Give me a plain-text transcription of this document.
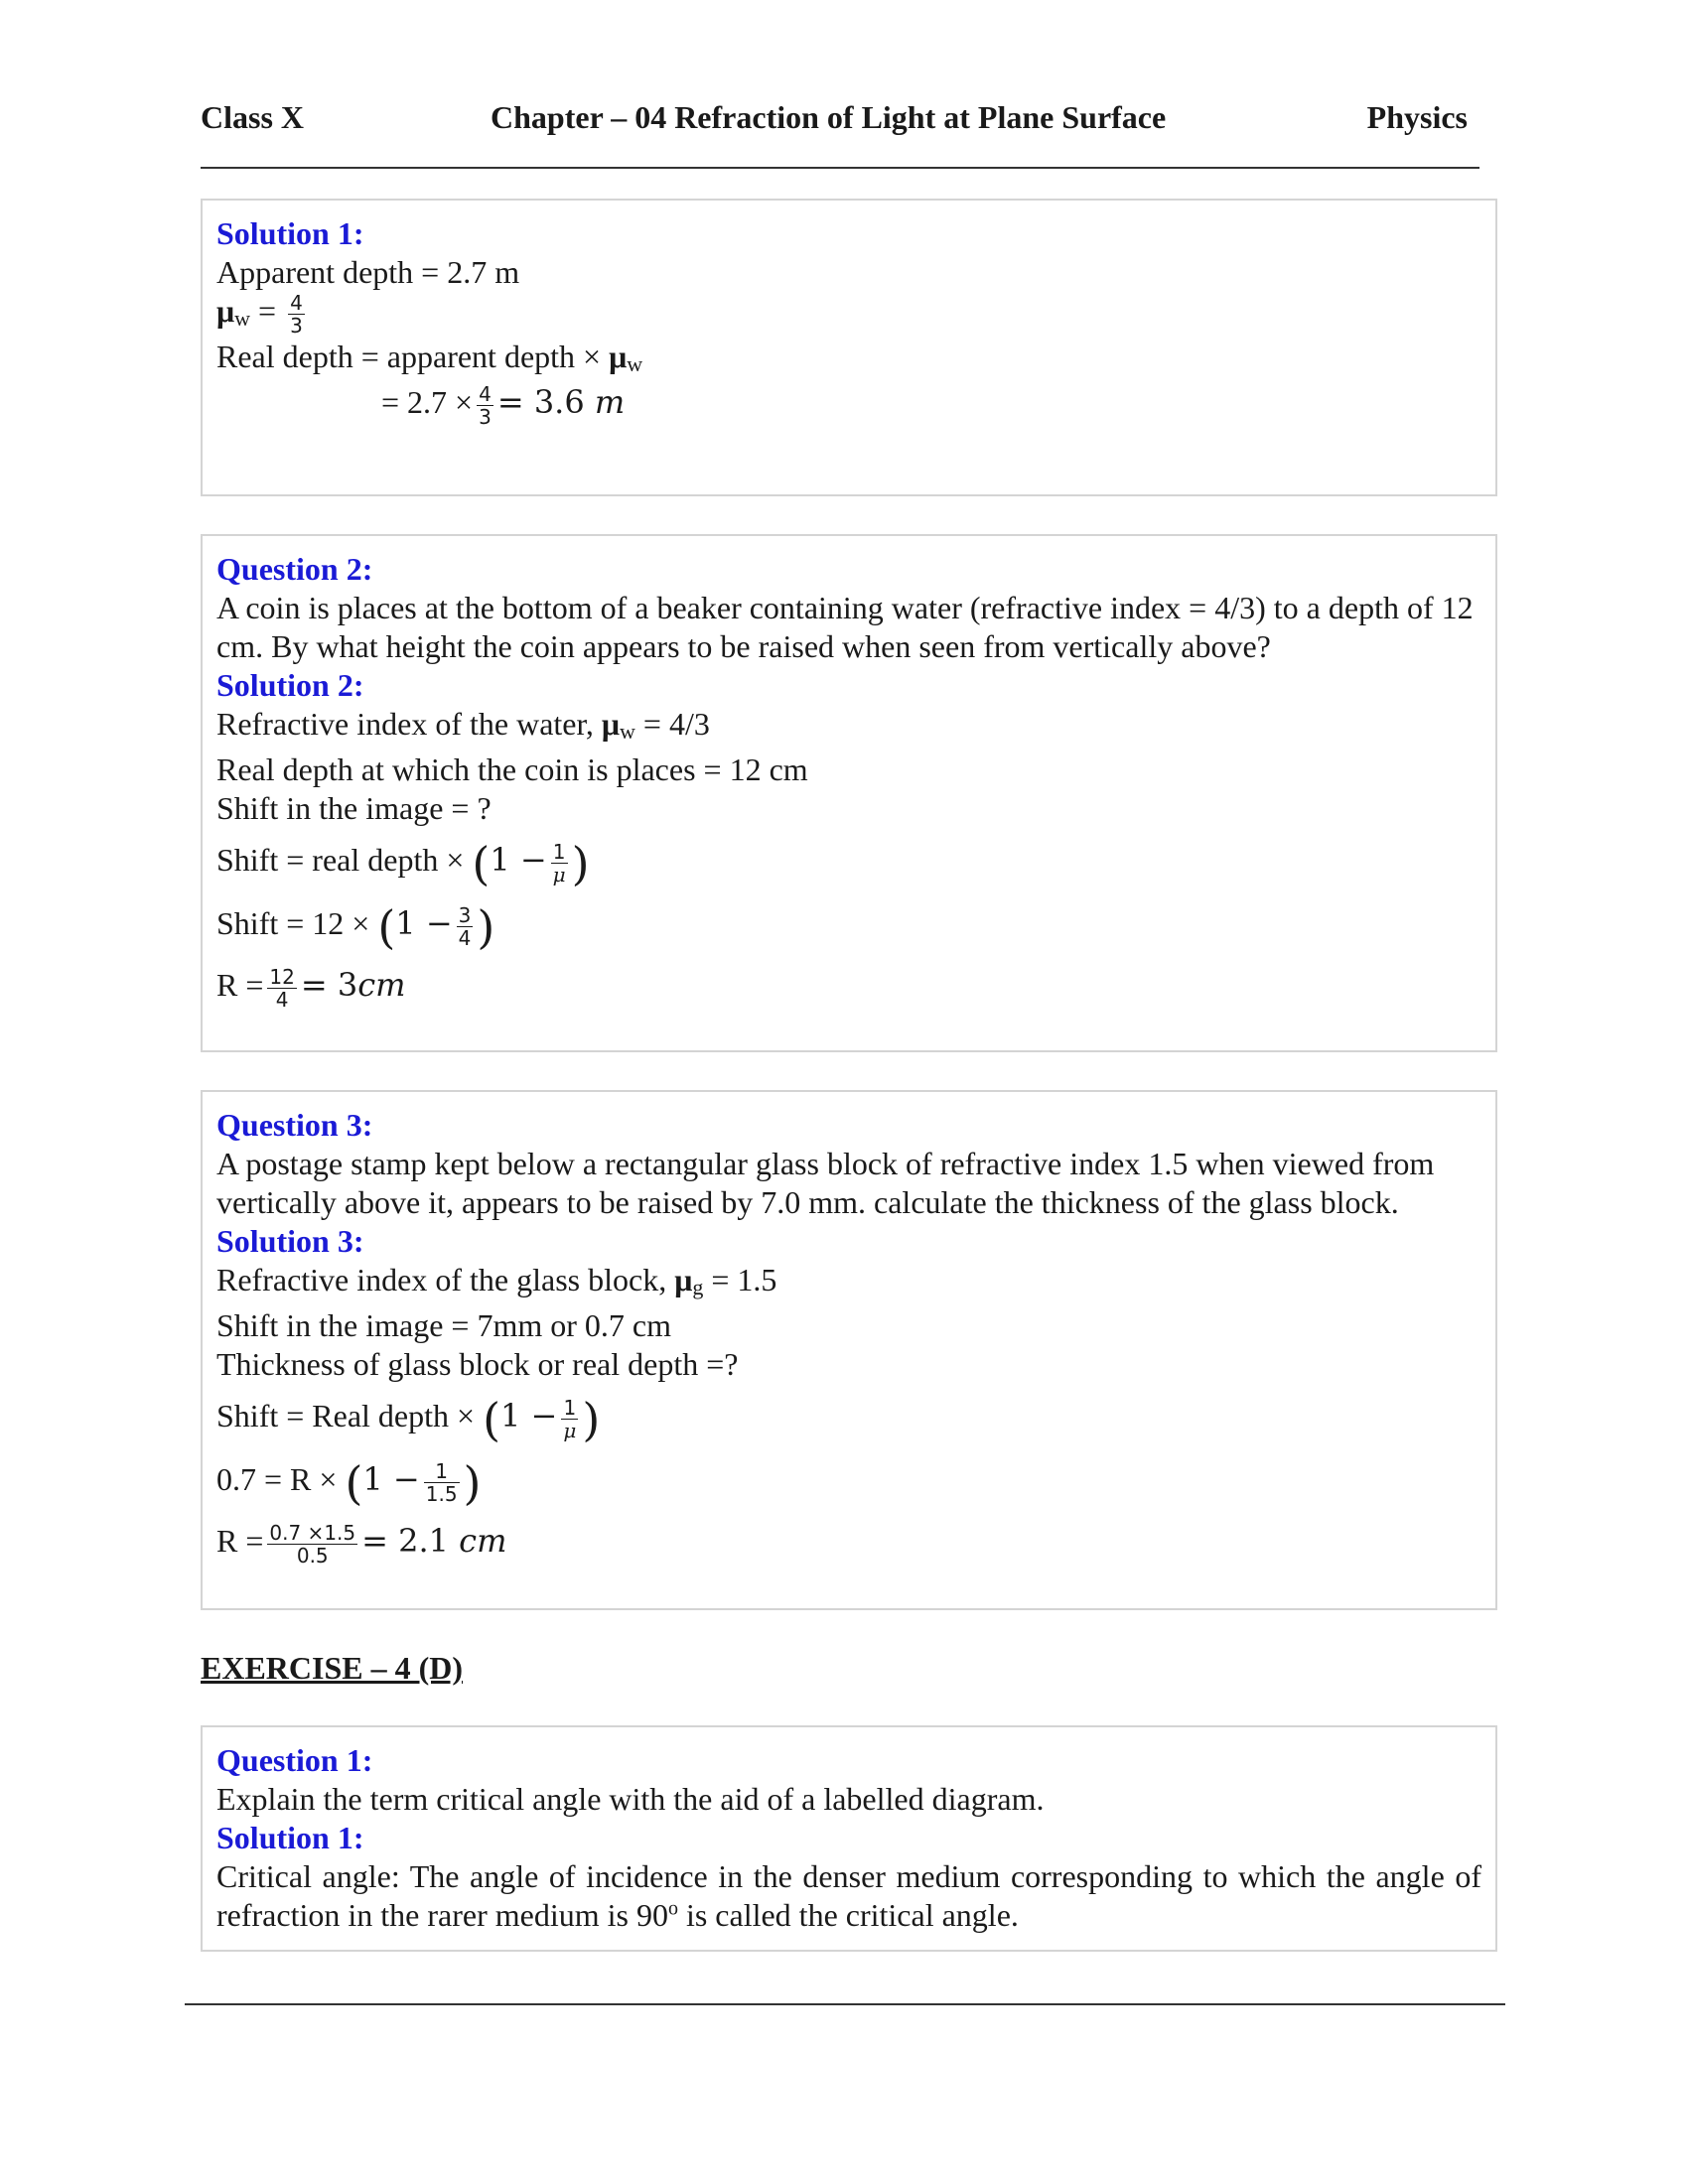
Class X	Chapter – 04 Refraction of Light at Plane Surface	Physics
Solution 1:
Apparent depth = 2.7 m
$\mu w = \frac{4}{3}$
Real depth = apparent depth × μw
= $2.7 \times \frac{4}{3} = 3.6$ m
Question 2:
A coin is places at the bottom of a beaker containing water (refractive index = 4/3) to a depth of 12 cm. By what height the coin appears to be raised when seen from vertically above?
Solution 2:
Refractive index of the water, μw = 4/3
Real depth at which the coin is places = 12 cm
Shift in the image = ?
Shift = real depth × ($1 - \frac{1}{\mu}$ )
Shift = $12 \times (1 - \frac{3}{4}$ )
$R = \frac{12}{4} = 3cm$
Question 3:
A postage stamp kept below a rectangular glass block of refractive index 1.5 when viewed from vertically above it, appears to be raised by 7.0 mm. calculate the thickness of the glass block.
Solution 3:
Refractive index of the glass block, μg = 1.5
Shift in the image = 7mm or 0.7 cm
Thickness of glass block or real depth =?
Shift = Real depth × ($1 - \frac{1}{\mu}$ )
$0.7 = R \times (1 - \frac{1}{1.5}$ )
$R = \frac{0.7 \times 1.5}{0.5} = 2.1$ cm
EXERCISE – 4 (D)
Question 1:
Explain the term critical angle with the aid of a labelled diagram.
Solution 1:
Critical angle: The angle of incidence in the denser medium corresponding to which the angle of refraction in the rarer medium is 90$^o$ is called the critical angle.
